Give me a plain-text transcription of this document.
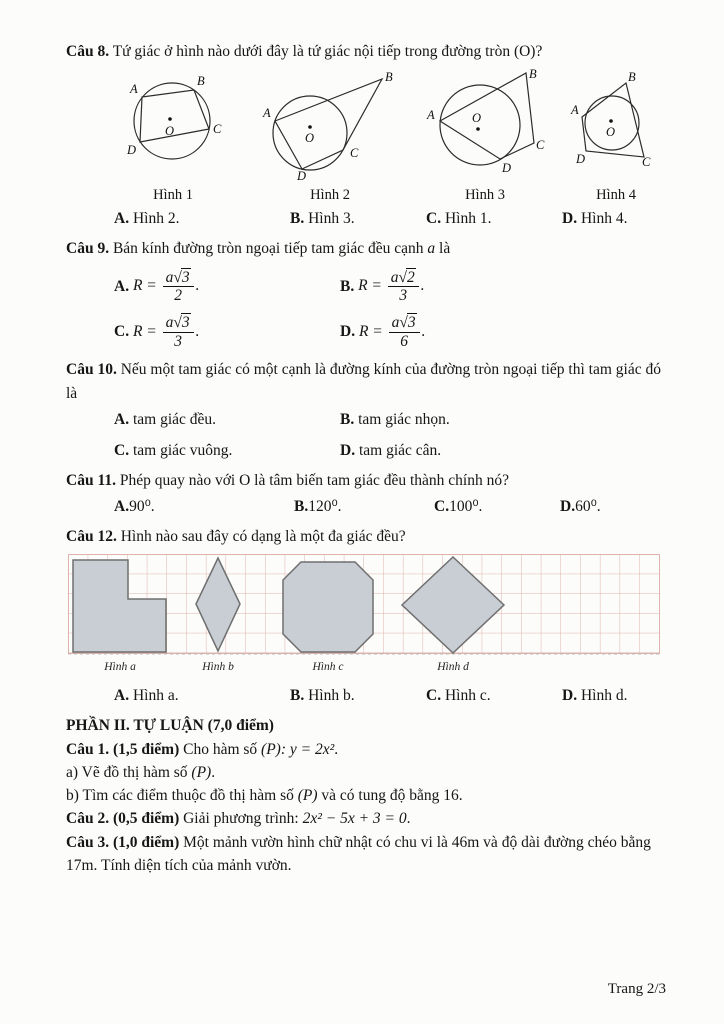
Câu 8. Tứ giác ở hình nào dưới đây là tứ giác nội tiếp trong đường tròn (O)?

O
A
B
C
D
Hình 1
O
A
B
C
D
Hình 2
O
A
B
C
D
Hình 3
O
A
B
C
D
Hình 4
A. Hình 2.	B. Hình 3.	C. Hình 1.	D. Hình 4.

Câu 9. Bán kính đường tròn ngoại tiếp tam giác đều cạnh a là

A. $R = \frac{a√3}{2}$ .	B. $R = \frac{a√2}{3}$ .
C. $R = \frac{a√3}{3}$ .	D. $R = \frac{a√3}{6}$ .

Câu 10. Nếu một tam giác có một cạnh là đường kính của đường tròn ngoại tiếp thì tam giác đó là

A. tam giác đều.	B. tam giác nhọn.
C. tam giác vuông.	D. tam giác cân.

Câu 11. Phép quay nào với O là tâm biến tam giác đều thành chính nó?

A.90⁰.	B.120⁰.	C.100⁰.	D.60⁰.

Câu 12. Hình nào sau đây có dạng là một đa giác đều?

Hình a	Hình b	Hình c	Hình d
A. Hình a.	B. Hình b.	C. Hình c.	D. Hình d.

PHẦN II. TỰ LUẬN (7,0 điểm)

Câu 1. (1,5 điểm) Cho hàm số (P): y = 2x².

a) Vẽ đồ thị hàm số (P).

b) Tìm các điểm thuộc đồ thị hàm số (P) và có tung độ bằng 16.

Câu 2. (0,5 điểm) Giải phương trình: 2x² − 5x + 3 = 0.

Câu 3. (1,0 điểm) Một mảnh vườn hình chữ nhật có chu vi là 46m và độ dài đường chéo bằng 17m. Tính diện tích của mảnh vườn.

Trang 2/3
